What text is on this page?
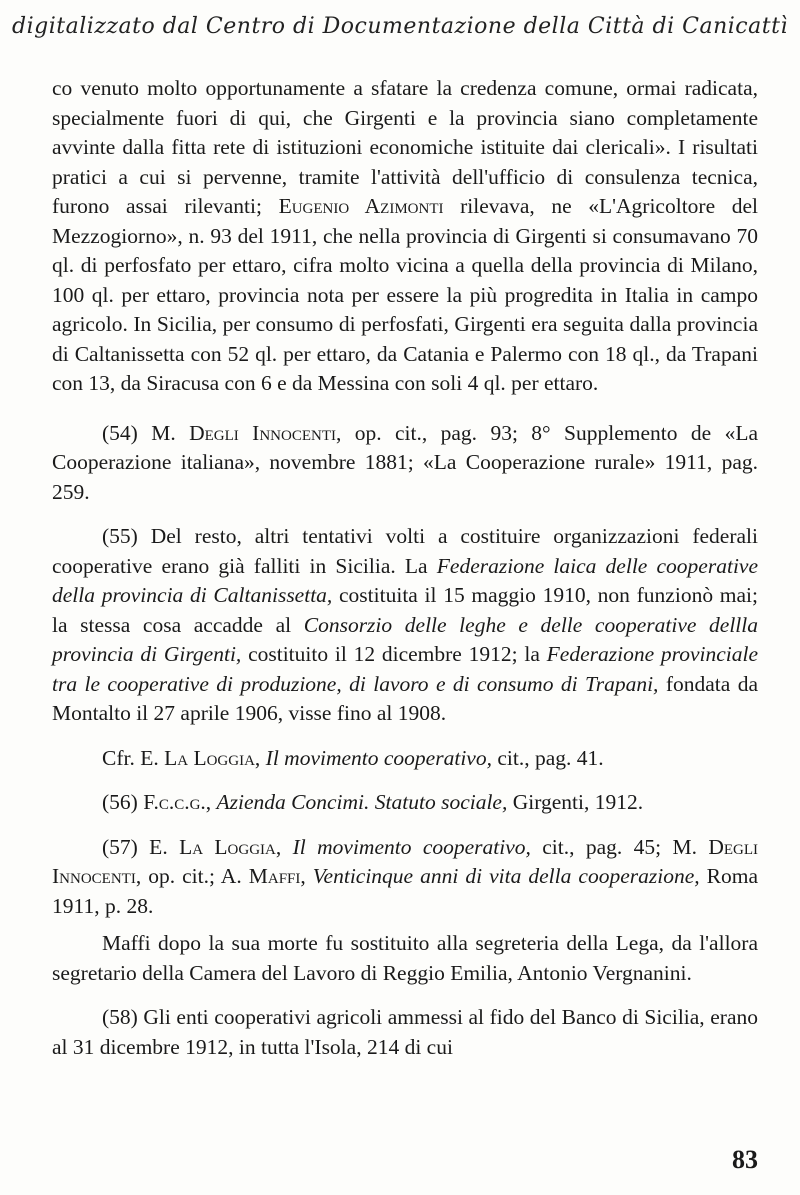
digitalizzato dal Centro di Documentazione della Città di Canicattì

co venuto molto opportunamente a sfatare la credenza comune, ormai radicata, specialmente fuori di qui, che Girgenti e la provincia siano completamente avvinte dalla fitta rete di istituzioni economiche istituite dai clericali». I risultati pratici a cui si pervenne, tramite l'attività dell'ufficio di consulenza tecnica, furono assai rilevanti; Eugenio Azimonti rilevava, ne «L'Agricoltore del Mezzogiorno», n. 93 del 1911, che nella provincia di Girgenti si consumavano 70 ql. di perfosfato per ettaro, cifra molto vicina a quella della provincia di Milano, 100 ql. per ettaro, provincia nota per essere la più progredita in Italia in campo agricolo. In Sicilia, per consumo di perfosfati, Girgenti era seguita dalla provincia di Caltanissetta con 52 ql. per ettaro, da Catania e Palermo con 18 ql., da Trapani con 13, da Siracusa con 6 e da Messina con soli 4 ql. per ettaro.

(54) M. Degli Innocenti, op. cit., pag. 93; 8° Supplemento de «La Cooperazione italiana», novembre 1881; «La Cooperazione rurale» 1911, pag. 259.

(55) Del resto, altri tentativi volti a costituire organizzazioni federali cooperative erano già falliti in Sicilia. La Federazione laica delle cooperative della provincia di Caltanissetta, costituita il 15 maggio 1910, non funzionò mai; la stessa cosa accadde al Consorzio delle leghe e delle cooperative dellla provincia di Girgenti, costituito il 12 dicembre 1912; la Federazione provinciale tra le cooperative di produzione, di lavoro e di consumo di Trapani, fondata da Montalto il 27 aprile 1906, visse fino al 1908.

Cfr. E. La Loggia, Il movimento cooperativo, cit., pag. 41.

(56) F.c.c.g., Azienda Concimi. Statuto sociale, Girgenti, 1912.

(57) E. La Loggia, Il movimento cooperativo, cit., pag. 45; M. Degli Innocenti, op. cit.; A. Maffi, Venticinque anni di vita della cooperazione, Roma 1911, p. 28.

Maffi dopo la sua morte fu sostituito alla segreteria della Lega, da l'allora segretario della Camera del Lavoro di Reggio Emilia, Antonio Vergnanini.

(58) Gli enti cooperativi agricoli ammessi al fido del Banco di Sicilia, erano al 31 dicembre 1912, in tutta l'Isola, 214 di cui

83
